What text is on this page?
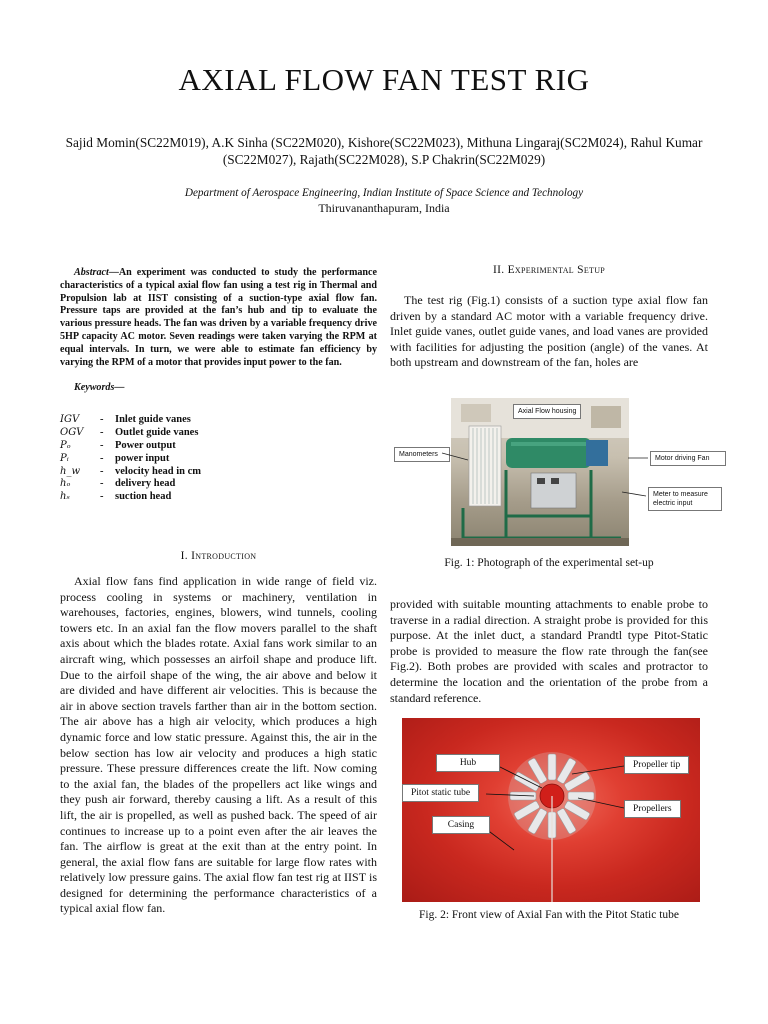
AXIAL FLOW FAN TEST RIG
Sajid Momin(SC22M019), A.K Sinha (SC22M020), Kishore(SC22M023), Mithuna Lingaraj(SC2M024), Rahul Kumar
(SC22M027), Rajath(SC22M028), S.P Chakrin(SC22M029)
Department of Aerospace Engineering, Indian Institute of Space Science and Technology
Thiruvananthapuram, India
Abstract—An experiment was conducted to study the performance characteristics of a typical axial flow fan using a test rig in Thermal and Propulsion lab at IIST consisting of a suction-type axial flow fan. Pressure taps are provided at the fan’s hub and tip to evaluate the various pressure heads. The fan was driven by a variable frequency drive 5HP capacity AC motor. Seven readings were taken varying the RPM at equal intervals. In turn, we were able to estimate fan efficiency by varying the RPM of a motor that provides input power to the fan.
Keywords—
IGV	-	Inlet guide vanes
OGV	-	Outlet guide vanes
Pₒ	-	Power output
Pᵢ	-	power input
h_w	-	velocity head in cm
hₒ	-	delivery head
hₛ	-	suction head
I. Introduction
Axial flow fans find application in wide range of field viz. process cooling in systems or machinery, ventilation in warehouses, factories, engines, blowers, wind tunnels, cooling towers etc. In an axial fan the flow movers parallel to the shaft axis about which the blades rotate. Axial fans work similar to an aircraft wing, which possesses an airfoil shape and produce lift. Due to the airfoil shape of the wing, the air above and below it are divided and have different air velocities. This is because the air in above section travels farther than air in the bottom section. The air above has a high air velocity, which produces a high dynamic force and low static pressure. Against this, the air in the below section has low air velocity and produces a high static pressure. These pressure differences create the lift. Now coming to the axial fan, the blades of the propellers act like wings and they push air forward, thereby causing a lift. As a result of this lift, the air is propelled, as well as pushed back. The speed of air continues to increase up to a point even after the air leaves the fan. The airflow is great at the exit than at the entry point. In general, the axial flow fans are suitable for large flow rates with relatively low pressure gains. The axial flow fan test rig at IIST is designed for determining the performance characteristics of a typical axial flow fan.
II. Experimental Setup
The test rig (Fig.1) consists of a suction type axial flow fan driven by a standard AC motor with a variable frequency drive. Inlet guide vanes, outlet guide vanes, and load vanes are provided with facilities for adjusting the position (angle) of the vanes. At both upstream and downstream of the fan, holes are
Axial Flow housing
Manometers
Motor driving Fan
Meter to measure electric input
Fig. 1: Photograph of the experimental set-up
provided with suitable mounting attachments to enable probe to traverse in a radial direction. A straight probe is provided for this purpose. At the inlet duct, a standard Prandtl type Pitot-Static probe is provided to measure the flow rate through the fan(see Fig.2). Both probes are provided with scales and protractor to determine the location and the orientation of the probe from a standard reference.
Hub
Pitot static tube
Casing
Propeller tip
Propellers
Fig. 2: Front view of Axial Fan with the Pitot Static tube
